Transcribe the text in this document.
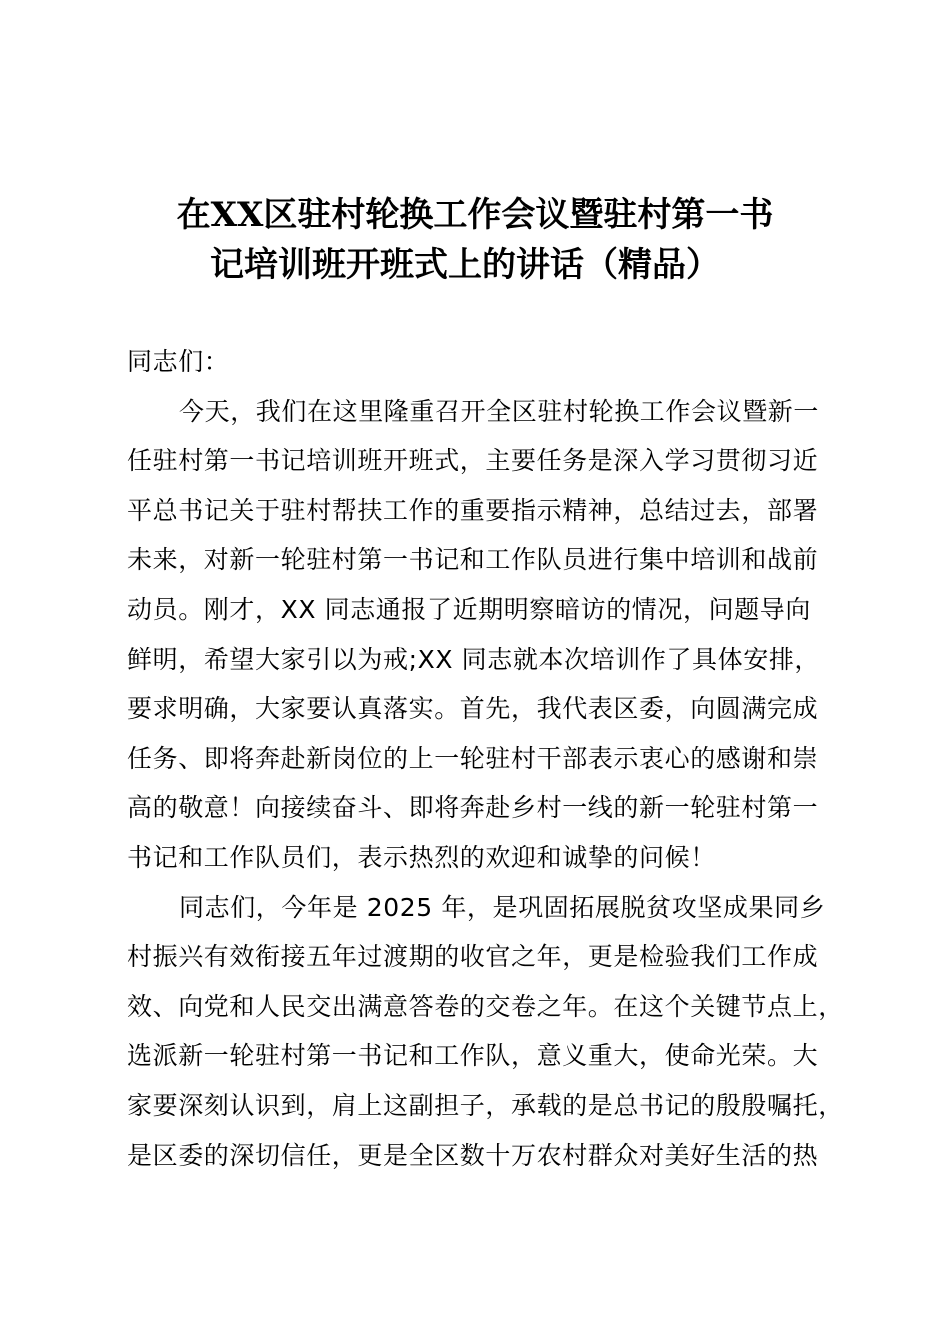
在XX区驻村轮换工作会议暨驻村第一书
记培训班开班式上的讲话（精品）
同志们：
今天，我们在这里隆重召开全区驻村轮换工作会议暨新一
任驻村第一书记培训班开班式，主要任务是深入学习贯彻习近
平总书记关于驻村帮扶工作的重要指示精神，总结过去，部署
未来，对新一轮驻村第一书记和工作队员进行集中培训和战前
动员。刚才，XX 同志通报了近期明察暗访的情况，问题导向
鲜明，希望大家引以为戒;XX 同志就本次培训作了具体安排，
要求明确，大家要认真落实。首先，我代表区委，向圆满完成
任务、即将奔赴新岗位的上一轮驻村干部表示衷心的感谢和崇
高的敬意！向接续奋斗、即将奔赴乡村一线的新一轮驻村第一
书记和工作队员们，表示热烈的欢迎和诚挚的问候！
同志们，今年是 2025 年，是巩固拓展脱贫攻坚成果同乡
村振兴有效衔接五年过渡期的收官之年，更是检验我们工作成
效、向党和人民交出满意答卷的交卷之年。在这个关键节点上，
选派新一轮驻村第一书记和工作队，意义重大，使命光荣。大
家要深刻认识到，肩上这副担子，承载的是总书记的殷殷嘱托，
是区委的深切信任，更是全区数十万农村群众对美好生活的热
